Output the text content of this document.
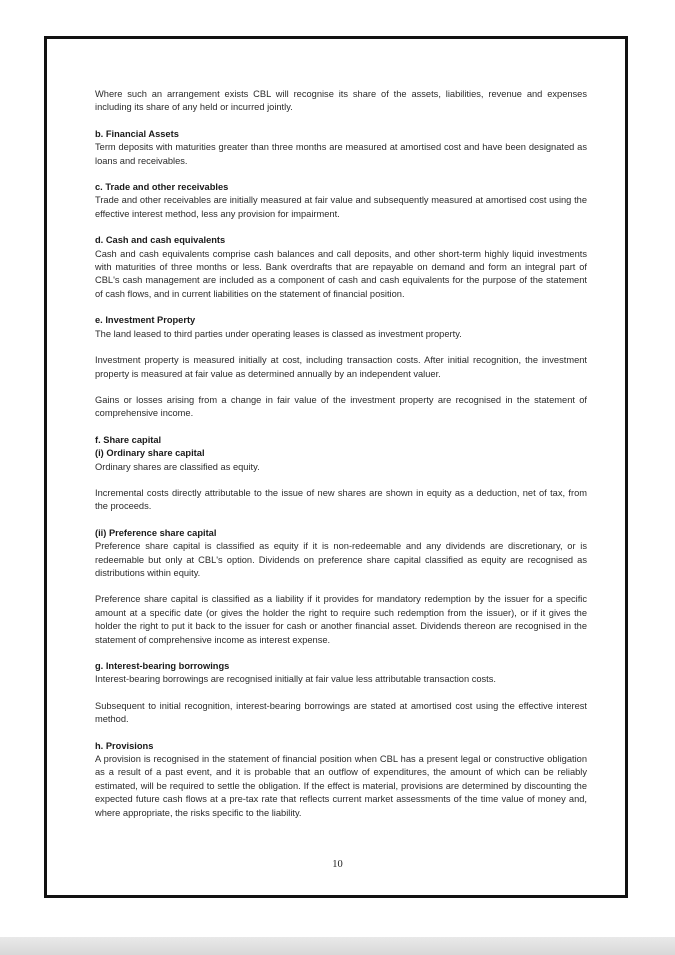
Where such an arrangement exists CBL will recognise its share of the assets, liabilities, revenue and expenses including its share of any held or incurred jointly.

b. Financial Assets

Term deposits with maturities greater than three months are measured at amortised cost and have been designated as loans and receivables.

c. Trade and other receivables

Trade and other receivables are initially measured at fair value and subsequently measured at amortised cost using the effective interest method, less any provision for impairment.

d. Cash and cash equivalents

Cash and cash equivalents comprise cash balances and call deposits, and other short-term highly liquid investments with maturities of three months or less. Bank overdrafts that are repayable on demand and form an integral part of CBL's cash management are included as a component of cash and cash equivalents for the purpose of the statement of cash flows, and in current liabilities on the statement of financial position.

e. Investment Property

The land leased to third parties under operating leases is classed as investment property.

Investment property is measured initially at cost, including transaction costs. After initial recognition, the investment property is measured at fair value as determined annually by an independent valuer.

Gains or losses arising from a change in fair value of the investment property are recognised in the statement of comprehensive income.

f. Share capital

(i) Ordinary share capital

Ordinary shares are classified as equity.

Incremental costs directly attributable to the issue of new shares are shown in equity as a deduction, net of tax, from the proceeds.

(ii) Preference share capital

Preference share capital is classified as equity if it is non-redeemable and any dividends are discretionary, or is redeemable but only at CBL's option. Dividends on preference share capital classified as equity are recognised as distributions within equity.

Preference share capital is classified as a liability if it provides for mandatory redemption by the issuer for a specific amount at a specific date (or gives the holder the right to require such redemption from the issuer), or if it gives the holder the right to put it back to the issuer for cash or another financial asset. Dividends thereon are recognised in the statement of comprehensive income as interest expense.

g. Interest-bearing borrowings

Interest-bearing borrowings are recognised initially at fair value less attributable transaction costs.

Subsequent to initial recognition, interest-bearing borrowings are stated at amortised cost using the effective interest method.

h. Provisions

A provision is recognised in the statement of financial position when CBL has a present legal or constructive obligation as a result of a past event, and it is probable that an outflow of expenditures, the amount of which can be reliably estimated, will be required to settle the obligation. If the effect is material, provisions are determined by discounting the expected future cash flows at a pre-tax rate that reflects current market assessments of the time value of money and, where appropriate, the risks specific to the liability.

10
